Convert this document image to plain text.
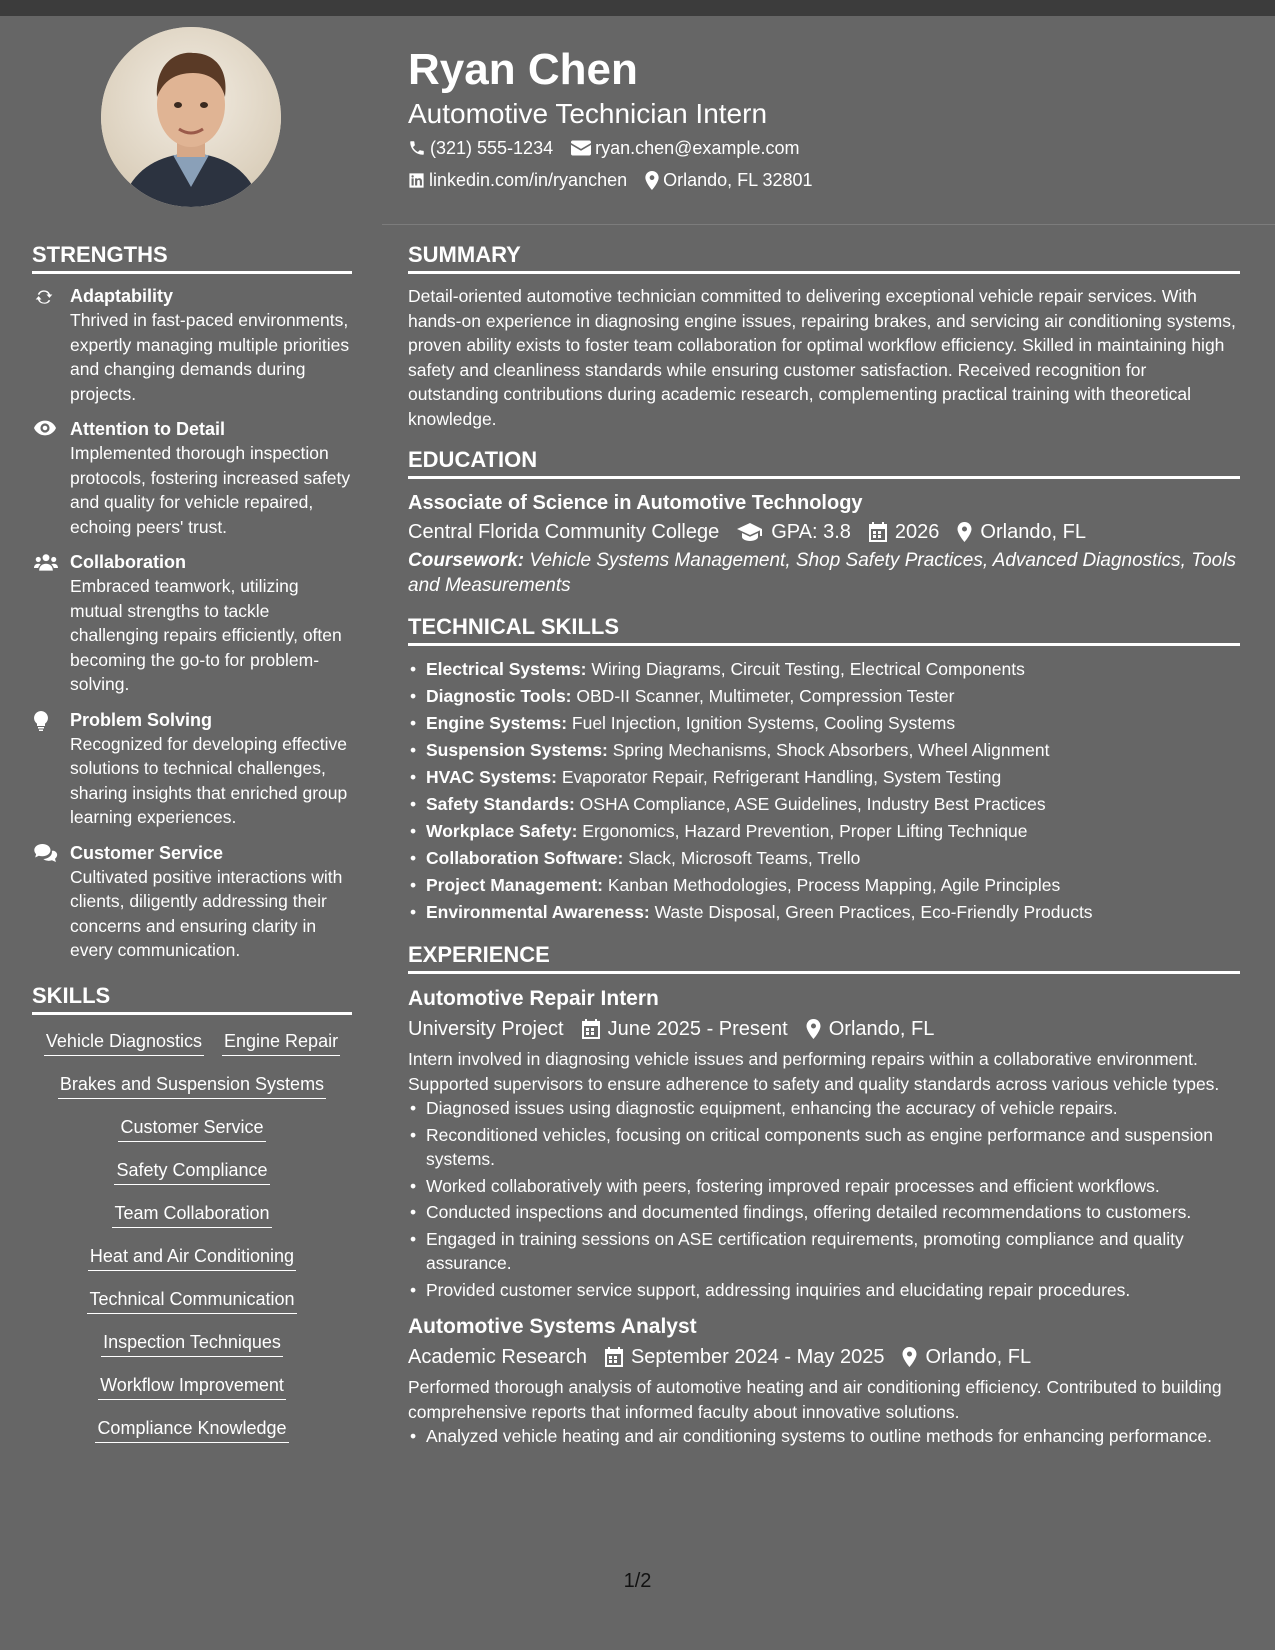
Ryan Chen
Automotive Technician Intern
(321) 555-1234 ryan.chen@example.com
linkedin.com/in/ryanchen Orlando, FL 32801
STRENGTHS
Adaptability
Thrived in fast-paced environments, expertly managing multiple priorities and changing demands during projects.
Attention to Detail
Implemented thorough inspection protocols, fostering increased safety and quality for vehicle repaired, echoing peers' trust.
Collaboration
Embraced teamwork, utilizing mutual strengths to tackle challenging repairs efficiently, often becoming the go-to for problem-solving.
Problem Solving
Recognized for developing effective solutions to technical challenges, sharing insights that enriched group learning experiences.
Customer Service
Cultivated positive interactions with clients, diligently addressing their concerns and ensuring clarity in every communication.
SKILLS
Vehicle Diagnostics Engine Repair
Brakes and Suspension Systems
Customer Service
Safety Compliance
Team Collaboration
Heat and Air Conditioning
Technical Communication
Inspection Techniques
Workflow Improvement
Compliance Knowledge
SUMMARY
Detail-oriented automotive technician committed to delivering exceptional vehicle repair services. With hands-on experience in diagnosing engine issues, repairing brakes, and servicing air conditioning systems, proven ability exists to foster team collaboration for optimal workflow efficiency. Skilled in maintaining high safety and cleanliness standards while ensuring customer satisfaction. Received recognition for outstanding contributions during academic research, complementing practical training with theoretical knowledge.
EDUCATION
Associate of Science in Automotive Technology
Central Florida Community College	GPA: 3.8 2026 Orlando, FL
Coursework: Vehicle Systems Management, Shop Safety Practices, Advanced Diagnostics, Tools and Measurements
TECHNICAL SKILLS
• Electrical Systems: Wiring Diagrams, Circuit Testing, Electrical Components
• Diagnostic Tools: OBD-II Scanner, Multimeter, Compression Tester
• Engine Systems: Fuel Injection, Ignition Systems, Cooling Systems
• Suspension Systems: Spring Mechanisms, Shock Absorbers, Wheel Alignment
• HVAC Systems: Evaporator Repair, Refrigerant Handling, System Testing
• Safety Standards: OSHA Compliance, ASE Guidelines, Industry Best Practices
• Workplace Safety: Ergonomics, Hazard Prevention, Proper Lifting Technique
• Collaboration Software: Slack, Microsoft Teams, Trello
• Project Management: Kanban Methodologies, Process Mapping, Agile Principles
• Environmental Awareness: Waste Disposal, Green Practices, Eco-Friendly Products
EXPERIENCE
Automotive Repair Intern
University Project June 2025 - Present Orlando, FL
Intern involved in diagnosing vehicle issues and performing repairs within a collaborative environment. Supported supervisors to ensure adherence to safety and quality standards across various vehicle types.
• Diagnosed issues using diagnostic equipment, enhancing the accuracy of vehicle repairs.
• Reconditioned vehicles, focusing on critical components such as engine performance and suspension systems.
• Worked collaboratively with peers, fostering improved repair processes and efficient workflows.
• Conducted inspections and documented findings, offering detailed recommendations to customers.
• Engaged in training sessions on ASE certification requirements, promoting compliance and quality assurance.
• Provided customer service support, addressing inquiries and elucidating repair procedures.
Automotive Systems Analyst
Academic Research September 2024 - May 2025 Orlando, FL
Performed thorough analysis of automotive heating and air conditioning efficiency. Contributed to building comprehensive reports that informed faculty about innovative solutions.
• Analyzed vehicle heating and air conditioning systems to outline methods for enhancing performance.
1/2
